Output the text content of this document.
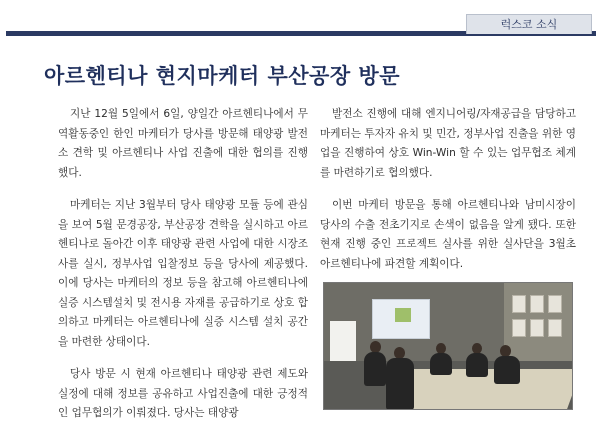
럭스코 소식
아르헨티나 현지마케터 부산공장 방문

지난 12월 5일에서 6일, 양일간 아르헨티나에서 무역활동중인 한인 마케터가 당사를 방문해 태양광 발전소 견학 및 아르헨티나 사업 진출에 대한 협의를 진행했다.

마케터는 지난 3월부터 당사 태양광 모듈 등에 관심을 보여 5월 문경공장, 부산공장 견학을 실시하고 아르헨티나로 돌아간 이후 태양광 관련 사업에 대한 시장조사를 실시, 정부사업 입찰정보 등을 당사에 제공했다. 이에 당사는 마케터의 정보 등을 참고해 아르헨티나에 실증 시스템설치 및 전시용 자재를 공급하기로 상호 합의하고 마케터는 아르헨티나에 실증 시스템 설치 공간을 마련한 상태이다.

당사 방문 시 현재 아르헨티나 태양광 관련 제도와 실정에 대해 정보를 공유하고 사업진출에 대한 긍정적인 업무협의가 이뤄졌다. 당사는 태양광

발전소 진행에 대해 엔지니어링/자재공급을 담당하고 마케터는 투자자 유치 및 민간, 정부사업 진출을 위한 영업을 진행하여 상호 Win-Win 할 수 있는 업무협조 체계를 마련하기로 협의했다.

이번 마케터 방문을 통해 아르헨티나와 남미시장이 당사의 수출 전초기지로 손색이 없음을 알게 됐다. 또한 현재 진행 중인 프로젝트 실사를 위한 실사단을 3월초 아르헨티나에 파견할 계획이다.
